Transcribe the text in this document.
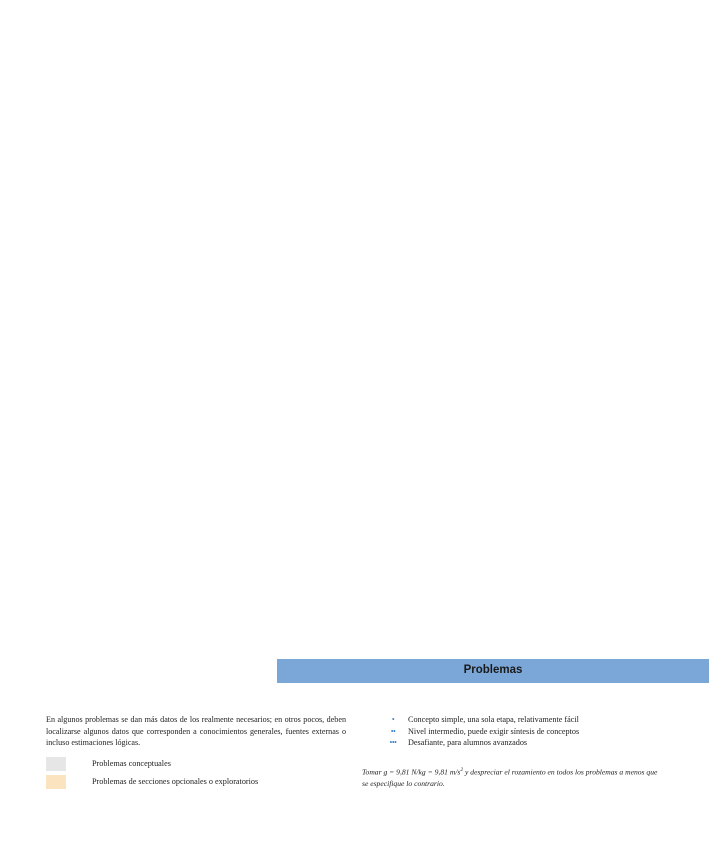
Problemas
En algunos problemas se dan más datos de los realmente necesarios; en otros pocos, deben localizarse algunos datos que corresponden a conocimientos generales, fuentes externas o incluso estimaciones lógicas.
Problemas conceptuales
Problemas de secciones opcionales o exploratorios
•	Concepto simple, una sola etapa, relativamente fácil
••	Nivel intermedio, puede exigir síntesis de conceptos
•••	Desafiante, para alumnos avanzados
Tomar g = 9,81 N/kg = 9,81 $m/s^2$ y despreciar el rozamiento en todos los problemas a menos que se especifique lo contrario.
